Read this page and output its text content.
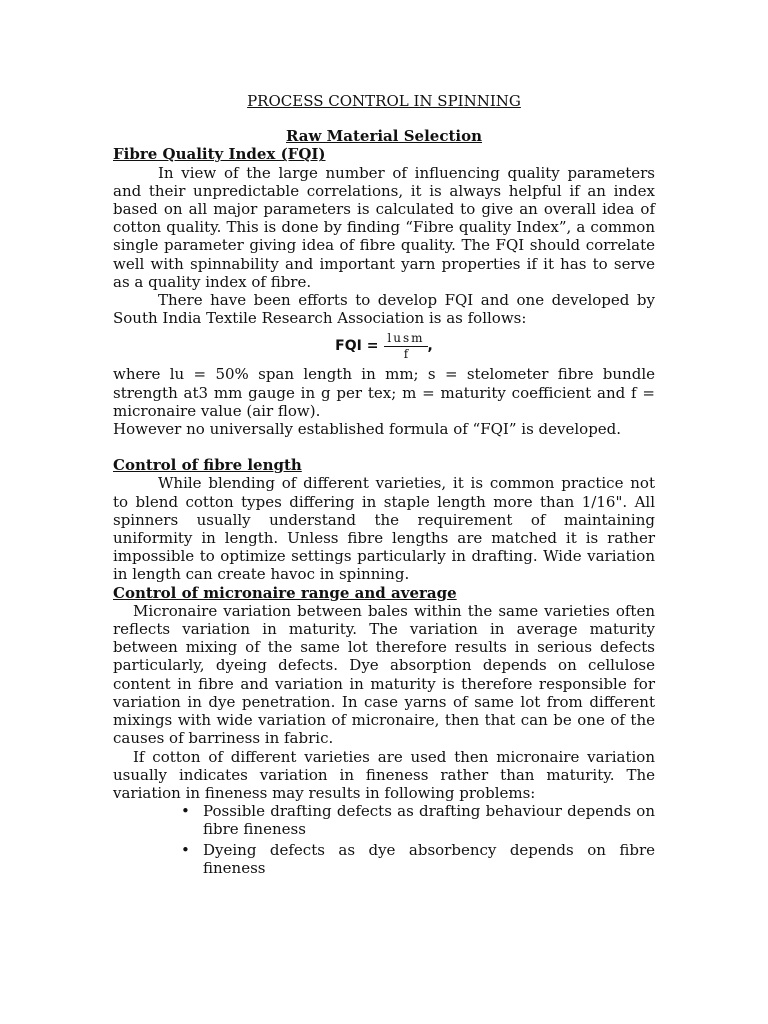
PROCESS CONTROL IN SPINNING
Raw Material Selection
Fibre Quality Index (FQI)

In view of the large number of influencing quality parameters and their unpredictable correlations, it is always helpful if an index based on all major parameters is calculated to give an overall idea of cotton quality. This is done by finding “Fibre quality Index”, a common single parameter giving idea of fibre quality. The FQI should correlate well with spinnability and important yarn properties if it has to serve as a quality index of fibre.

There have been efforts to develop FQI and one developed by South India Textile Research Association is as follows:

FQI = $\frac{\text{lusm}}{f}$ ,

where lu = 50% span length in mm; s = stelometer fibre bundle strength at3 mm gauge in g per tex; m = maturity coefficient and f = micronaire value (air flow).

However no universally established formula of “FQI” is developed.

Control of fibre length

While blending of different varieties, it is common practice not to blend cotton types differing in staple length more than 1/16". All spinners usually understand the requirement of maintaining uniformity in length. Unless fibre lengths are matched it is rather impossible to optimize settings particularly in drafting. Wide variation in length can create havoc in spinning.

Control of micronaire range and average

Micronaire variation between bales within the same varieties often reflects variation in maturity. The variation in average maturity between mixing of the same lot therefore results in serious defects particularly, dyeing defects. Dye absorption depends on cellulose content in fibre and variation in maturity is therefore responsible for variation in dye penetration. In case yarns of same lot from different mixings with wide variation of micronaire, then that can be one of the causes of barriness in fabric.

If cotton of different varieties are used then micronaire variation usually indicates variation in fineness rather than maturity. The variation in fineness may results in following problems:

• Possible drafting defects as drafting behaviour depends on fibre fineness
• Dyeing defects as dye absorbency depends on fibre fineness
